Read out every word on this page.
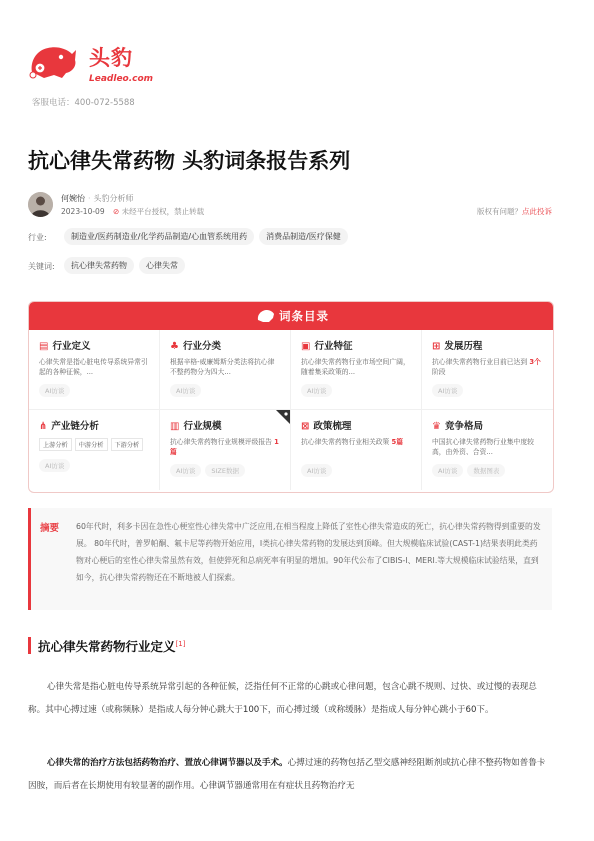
头豹
Leadleo.com
客服电话：400-072-5588
抗心律失常药物 头豹词条报告系列
何婉怡 · 头豹分析师
2023-10-09 ⊘ 未经平台授权，禁止转载	版权有问题？点此投诉
行业:	制造业/医药制造业/化学药品制造/心血管系统用药 消费品制造/医疗保健
关键词:	抗心律失常药物 心律失常
词条目录
▤ 行业定义
心律失常是指心脏电传导系统异常引起的各种征候，...
AI访谈
♣ 行业分类
根据辛格-威廉姆斯分类法将抗心律不整药物分为四大...
AI访谈
▣ 行业特征
抗心律失常药物行业市场空间广阔，随着集采政策的...
AI访谈
⊞ 发展历程
抗心律失常药物行业目前已达到 3个阶段
AI访谈
⋔ 产业链分析
上游分析 中游分析 下游分析
AI访谈
▥ 行业规模
抗心律失常药物行业规模评级报告 1篇
AI访谈 SIZE数据
⊠ 政策梳理
抗心律失常药物行业相关政策 5篇
AI访谈
♛ 竞争格局
中国抗心律失常药物行业集中度较高，由外资、合资...
AI访谈 数据图表
摘要 60年代时，利多卡因在急性心梗室性心律失常中广泛应用,在相当程度上降低了室性心律失常造成的死亡，抗心律失常药物得到重要的发展。 80年代时，普罗帕酮、氟卡尼等药物开始应用，I类抗心律失常药物的发展达到顶峰。但大规模临床试验(CAST-1)结果表明此类药物对心梗后的室性心律失常虽然有效，但使猝死和总病死率有明显的增加。90年代公布了CIBIS-I、MERI.等大规模临床试验结果，直到如今，抗心律失常药物还在不断地被人们探索。
抗心律失常药物行业定义[1]
心律失常是指心脏电传导系统异常引起的各种征候，泛指任何不正常的心跳或心律问题，包含心跳不规则、过快、或过慢的表现总称。其中心搏过速（或称频脉）是指成人每分钟心跳大于100下，而心搏过缓（或称缓脉）是指成人每分钟心跳小于60下。
心律失常的治疗方法包括药物治疗、置放心律调节器以及手术。心搏过速的药物包括乙型交感神经阻断剂或抗心律不整药物如普鲁卡因胺，而后者在长期使用有较显著的副作用。心律调节器通常用在有症状且药物治疗无
